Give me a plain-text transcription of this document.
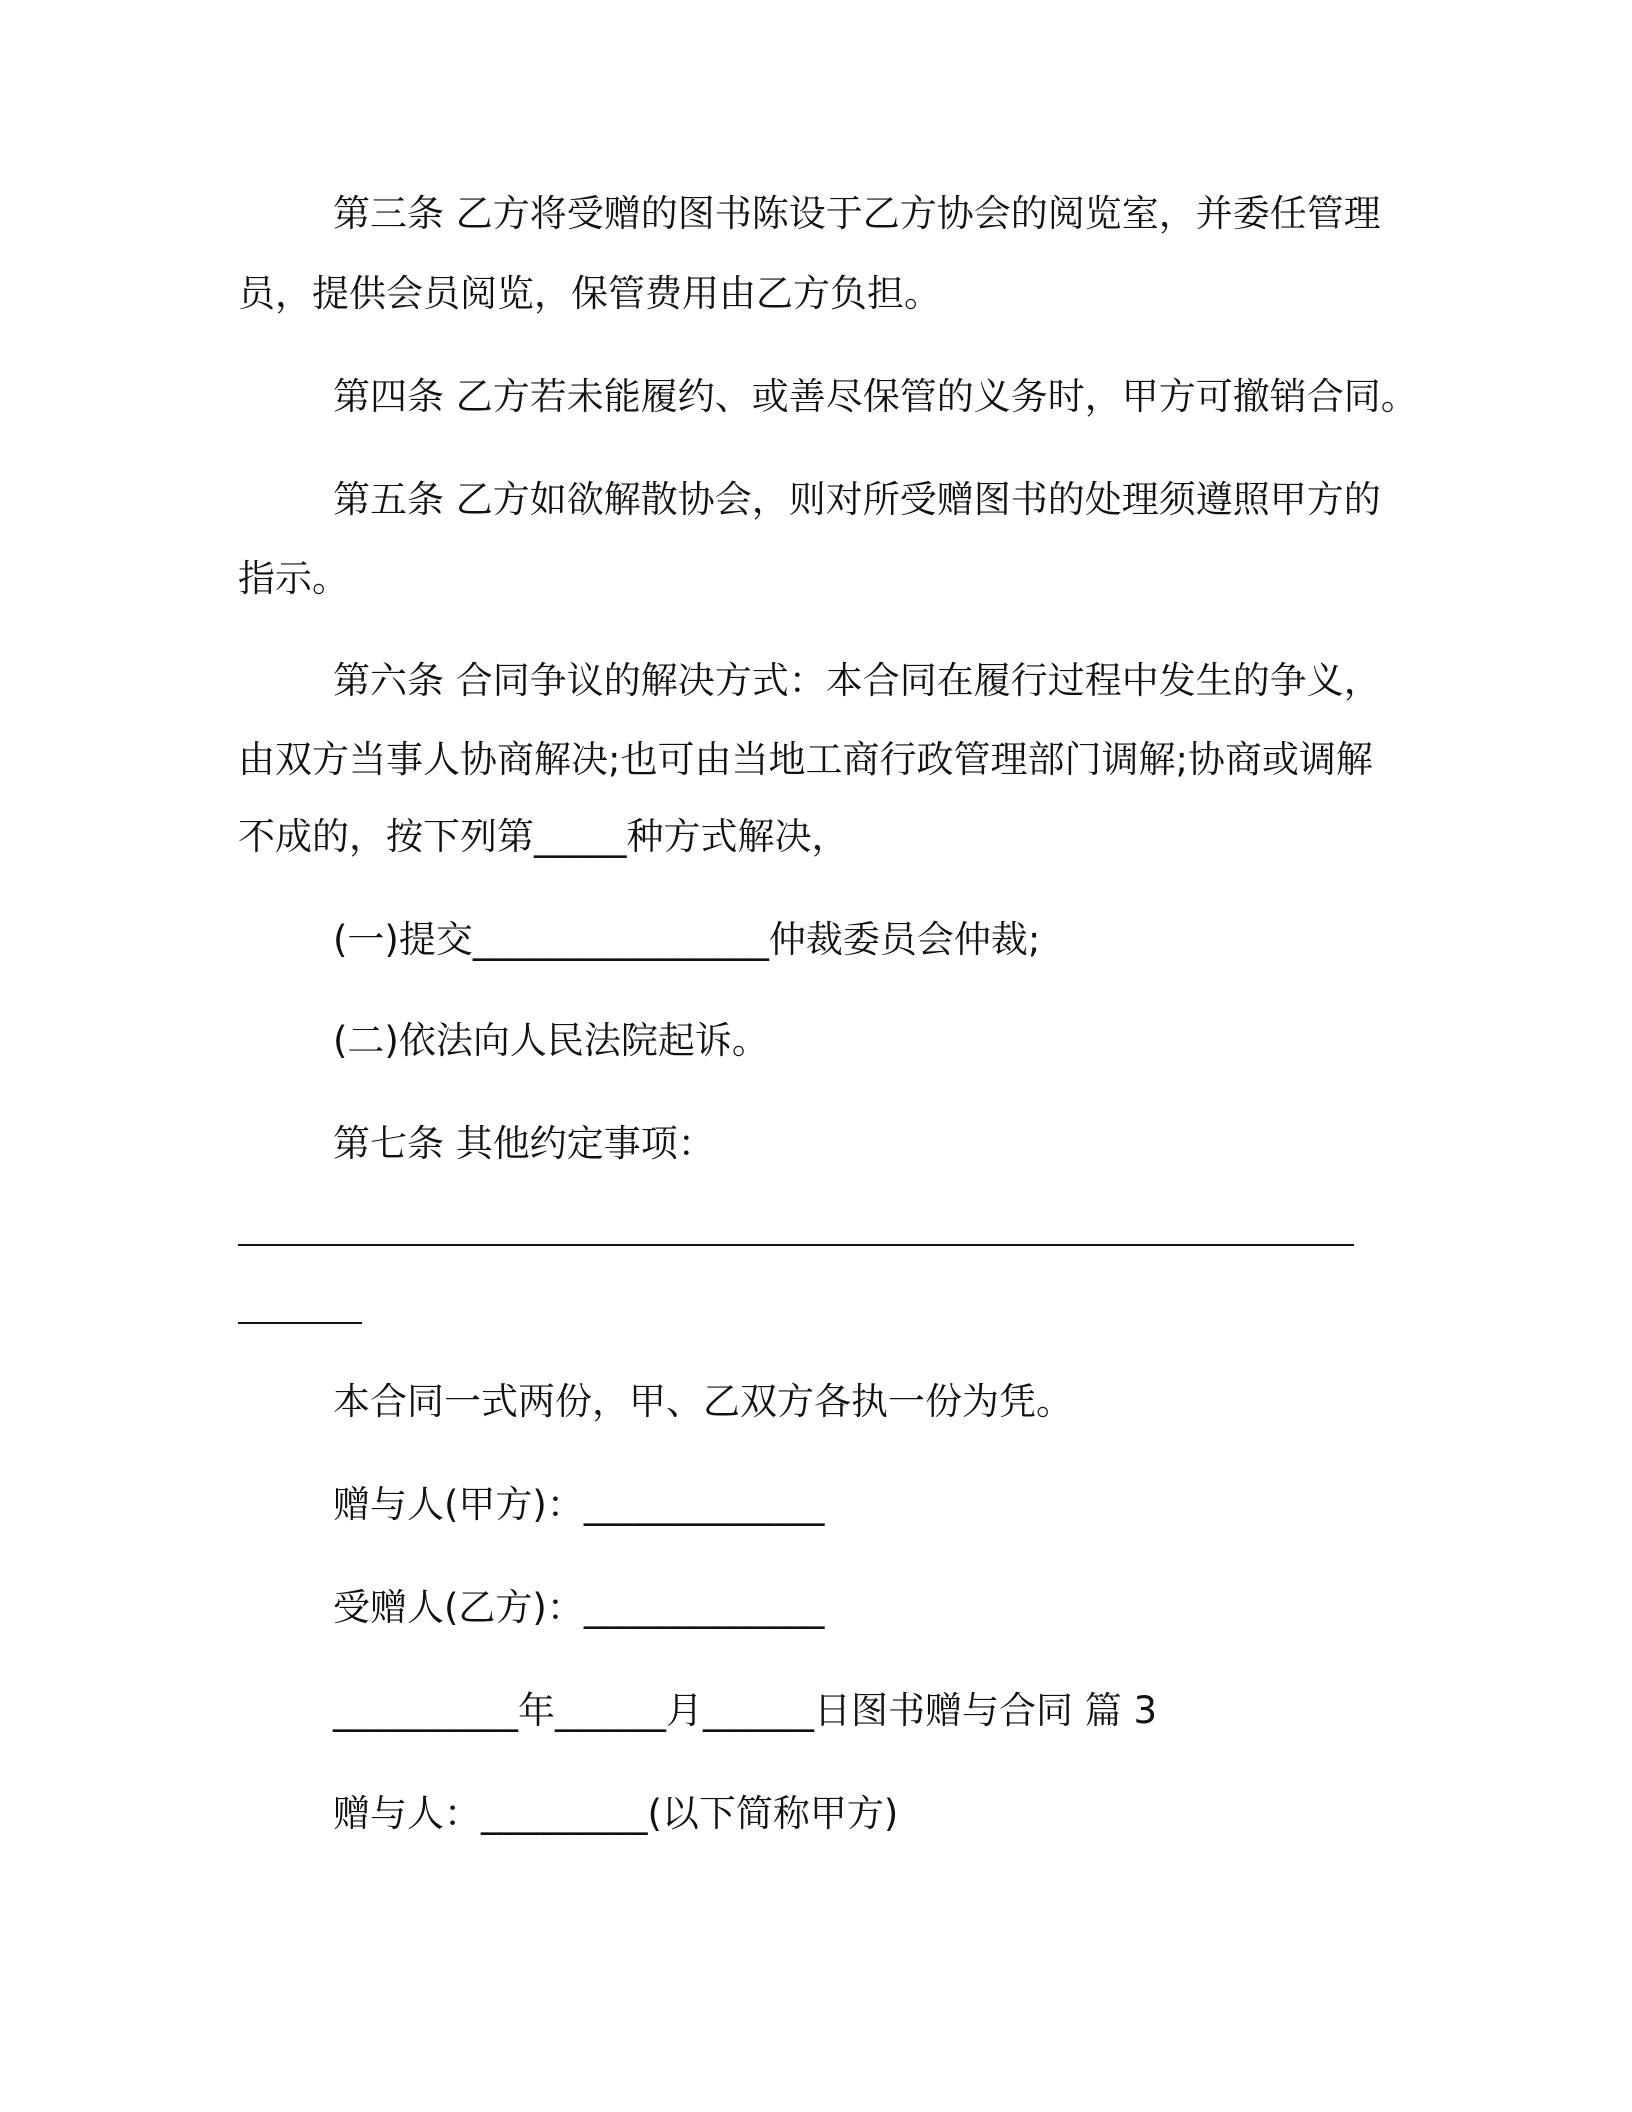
第三条 乙方将受赠的图书陈设于乙方协会的阅览室，并委任管理
员，提供会员阅览，保管费用由乙方负担。
第四条 乙方若未能履约、或善尽保管的义务时，甲方可撤销合同。
第五条 乙方如欲解散协会，则对所受赠图书的处理须遵照甲方的
指示。
第六条 合同争议的解决方式：本合同在履行过程中发生的争义，
由双方当事人协商解决;也可由当地工商行政管理部门调解;协商或调解
不成的，按下列第_____种方式解决，
(一)提交________________仲裁委员会仲裁;
(二)依法向人民法院起诉。
第七条 其他约定事项：
本合同一式两份，甲、乙双方各执一份为凭。
赠与人(甲方)：_____________
受赠人(乙方)：_____________
__________年______月______日图书赠与合同 篇 3
赠与人：_________(以下简称甲方)
